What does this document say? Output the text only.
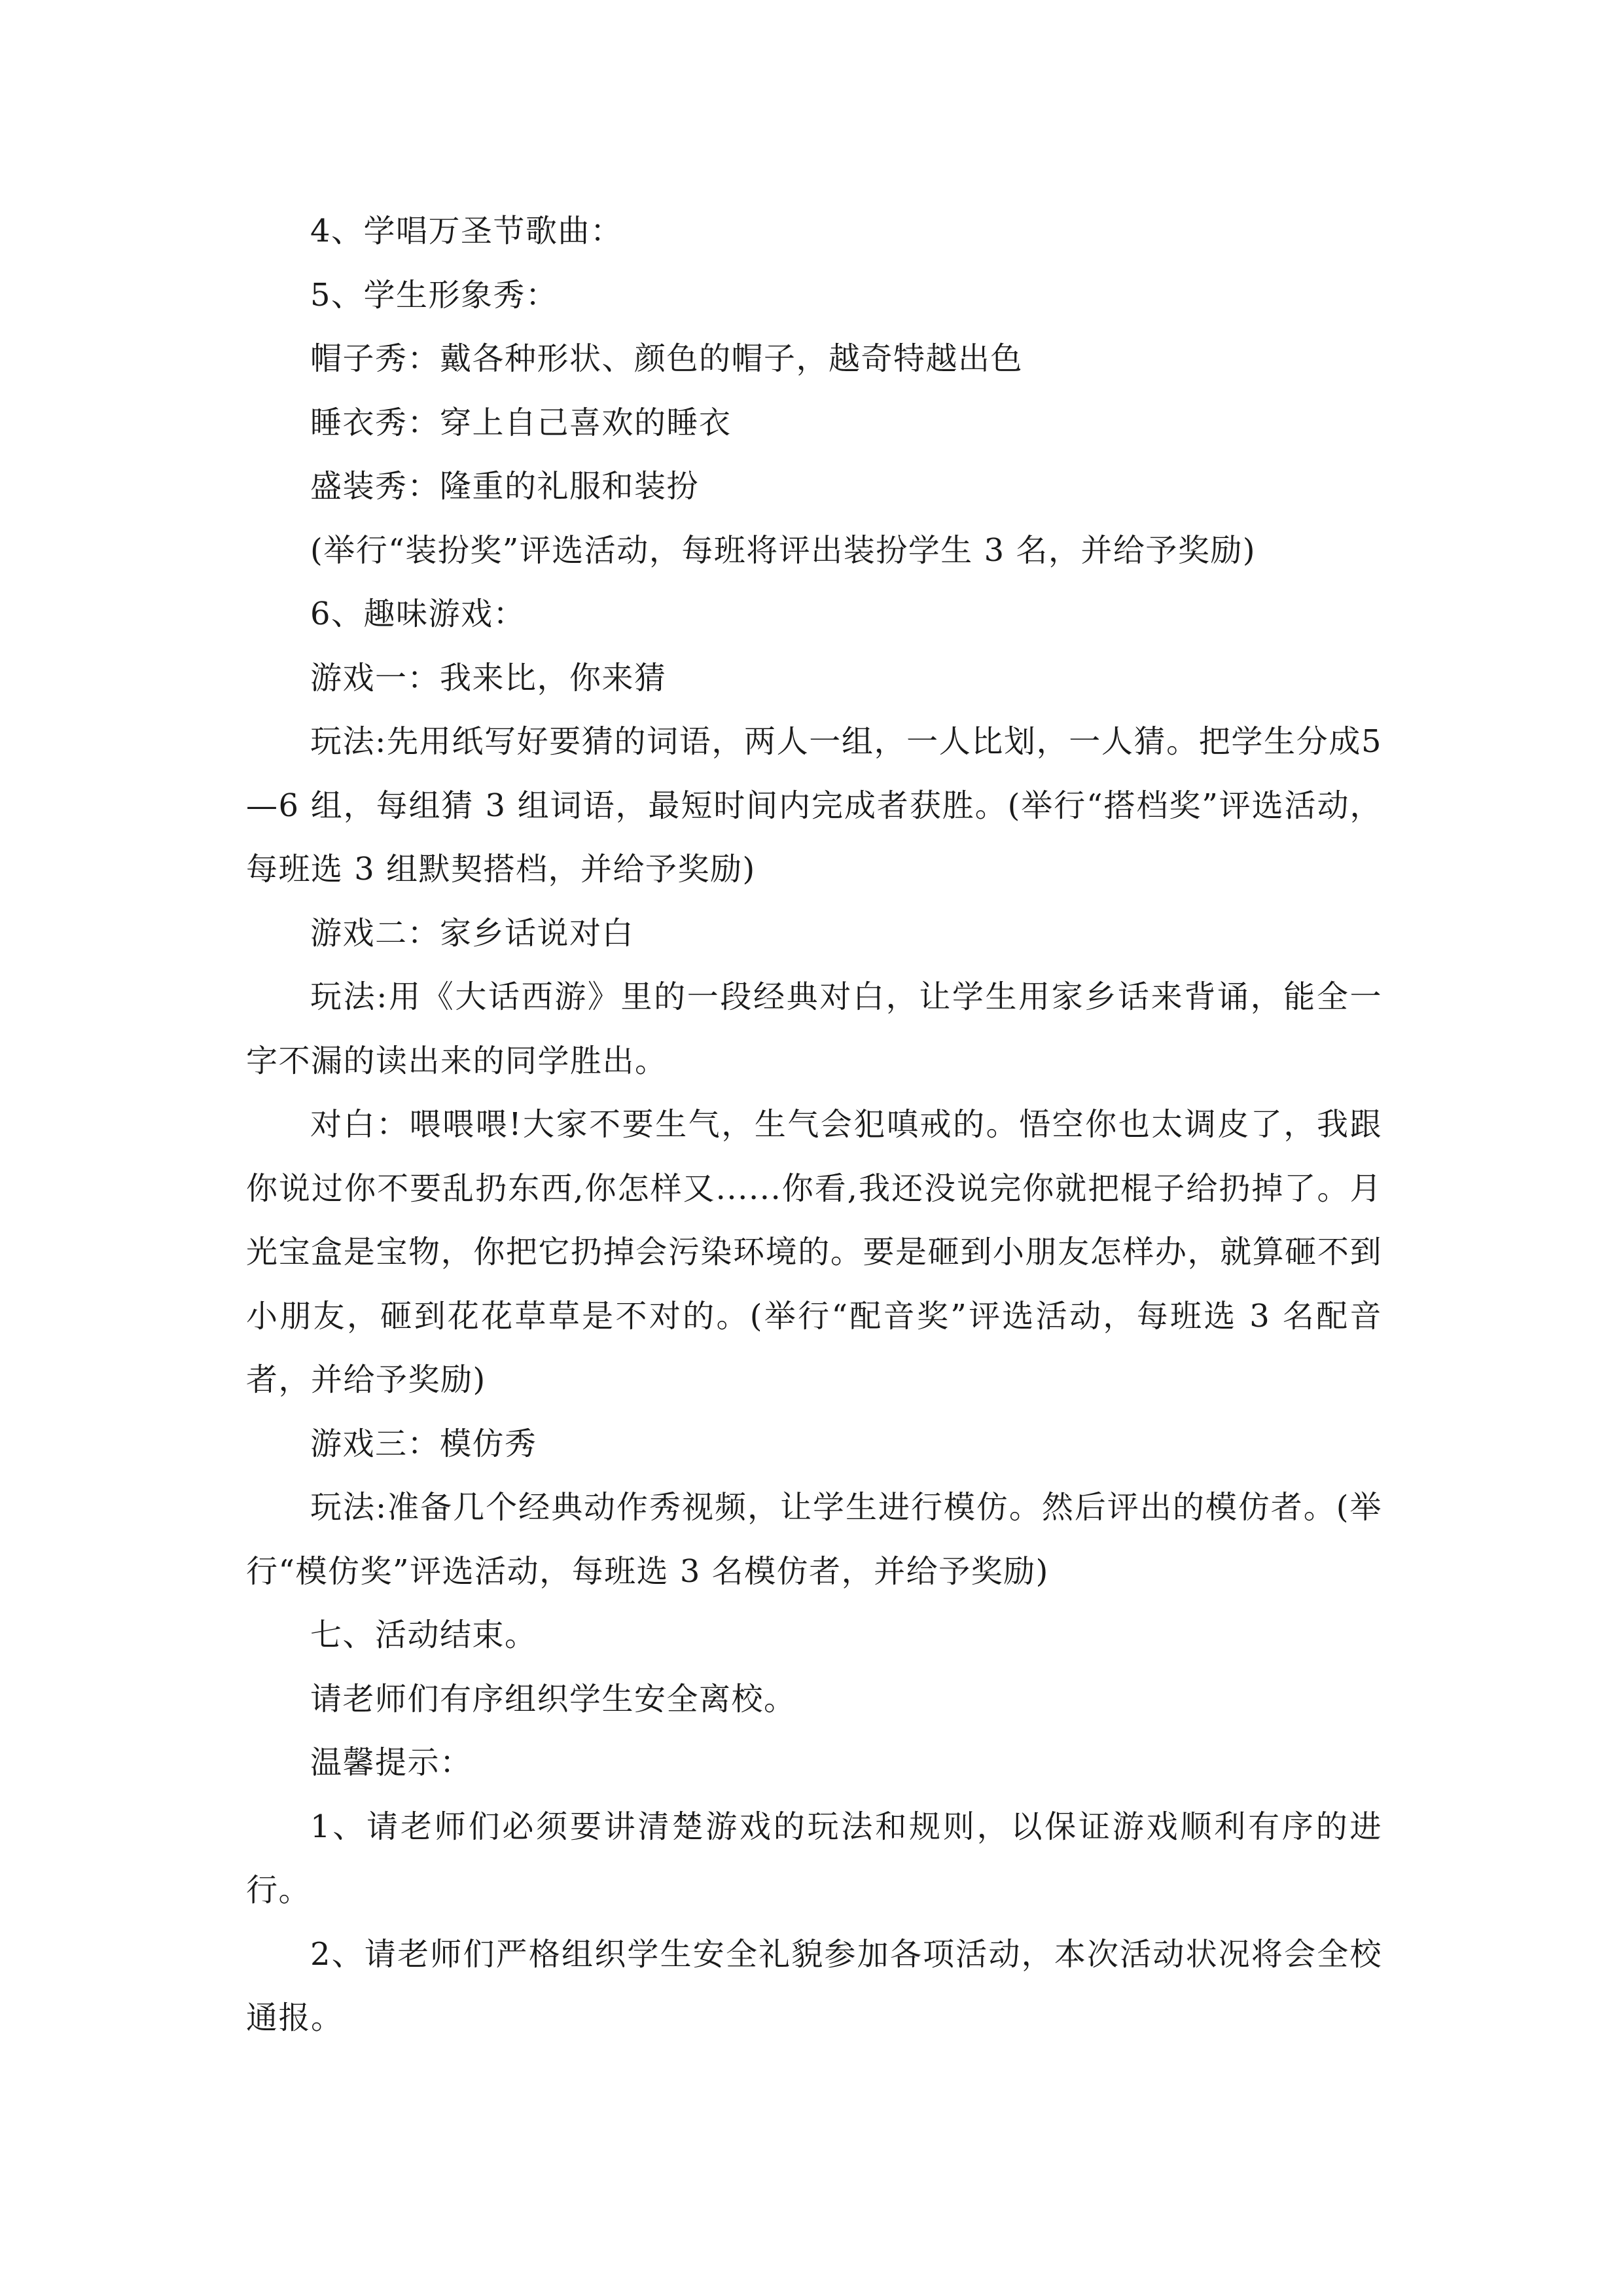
4、学唱万圣节歌曲：

5、学生形象秀：

帽子秀：戴各种形状、颜色的帽子，越奇特越出色

睡衣秀：穿上自己喜欢的睡衣

盛装秀：隆重的礼服和装扮

(举行“装扮奖”评选活动，每班将评出装扮学生 3 名，并给予奖励)

6、趣味游戏：

游戏一：我来比，你来猜

玩法:先用纸写好要猜的词语，两人一组，一人比划，一人猜。把学生分成5—6 组，每组猜 3 组词语，最短时间内完成者获胜。(举行“搭档奖”评选活动，每班选 3 组默契搭档，并给予奖励)

游戏二：家乡话说对白

玩法:用《大话西游》里的一段经典对白，让学生用家乡话来背诵，能全一字不漏的读出来的同学胜出。

对白：喂喂喂!大家不要生气，生气会犯嗔戒的。悟空你也太调皮了，我跟你说过你不要乱扔东西,你怎样又......你看,我还没说完你就把棍子给扔掉了。月光宝盒是宝物，你把它扔掉会污染环境的。要是砸到小朋友怎样办，就算砸不到小朋友，砸到花花草草是不对的。(举行“配音奖”评选活动，每班选 3 名配音者，并给予奖励)

游戏三：模仿秀

玩法:准备几个经典动作秀视频，让学生进行模仿。然后评出的模仿者。(举行“模仿奖”评选活动，每班选 3 名模仿者，并给予奖励)

七、活动结束。

请老师们有序组织学生安全离校。

温馨提示：

1、请老师们必须要讲清楚游戏的玩法和规则，以保证游戏顺利有序的进行。

2、请老师们严格组织学生安全礼貌参加各项活动，本次活动状况将会全校通报。
